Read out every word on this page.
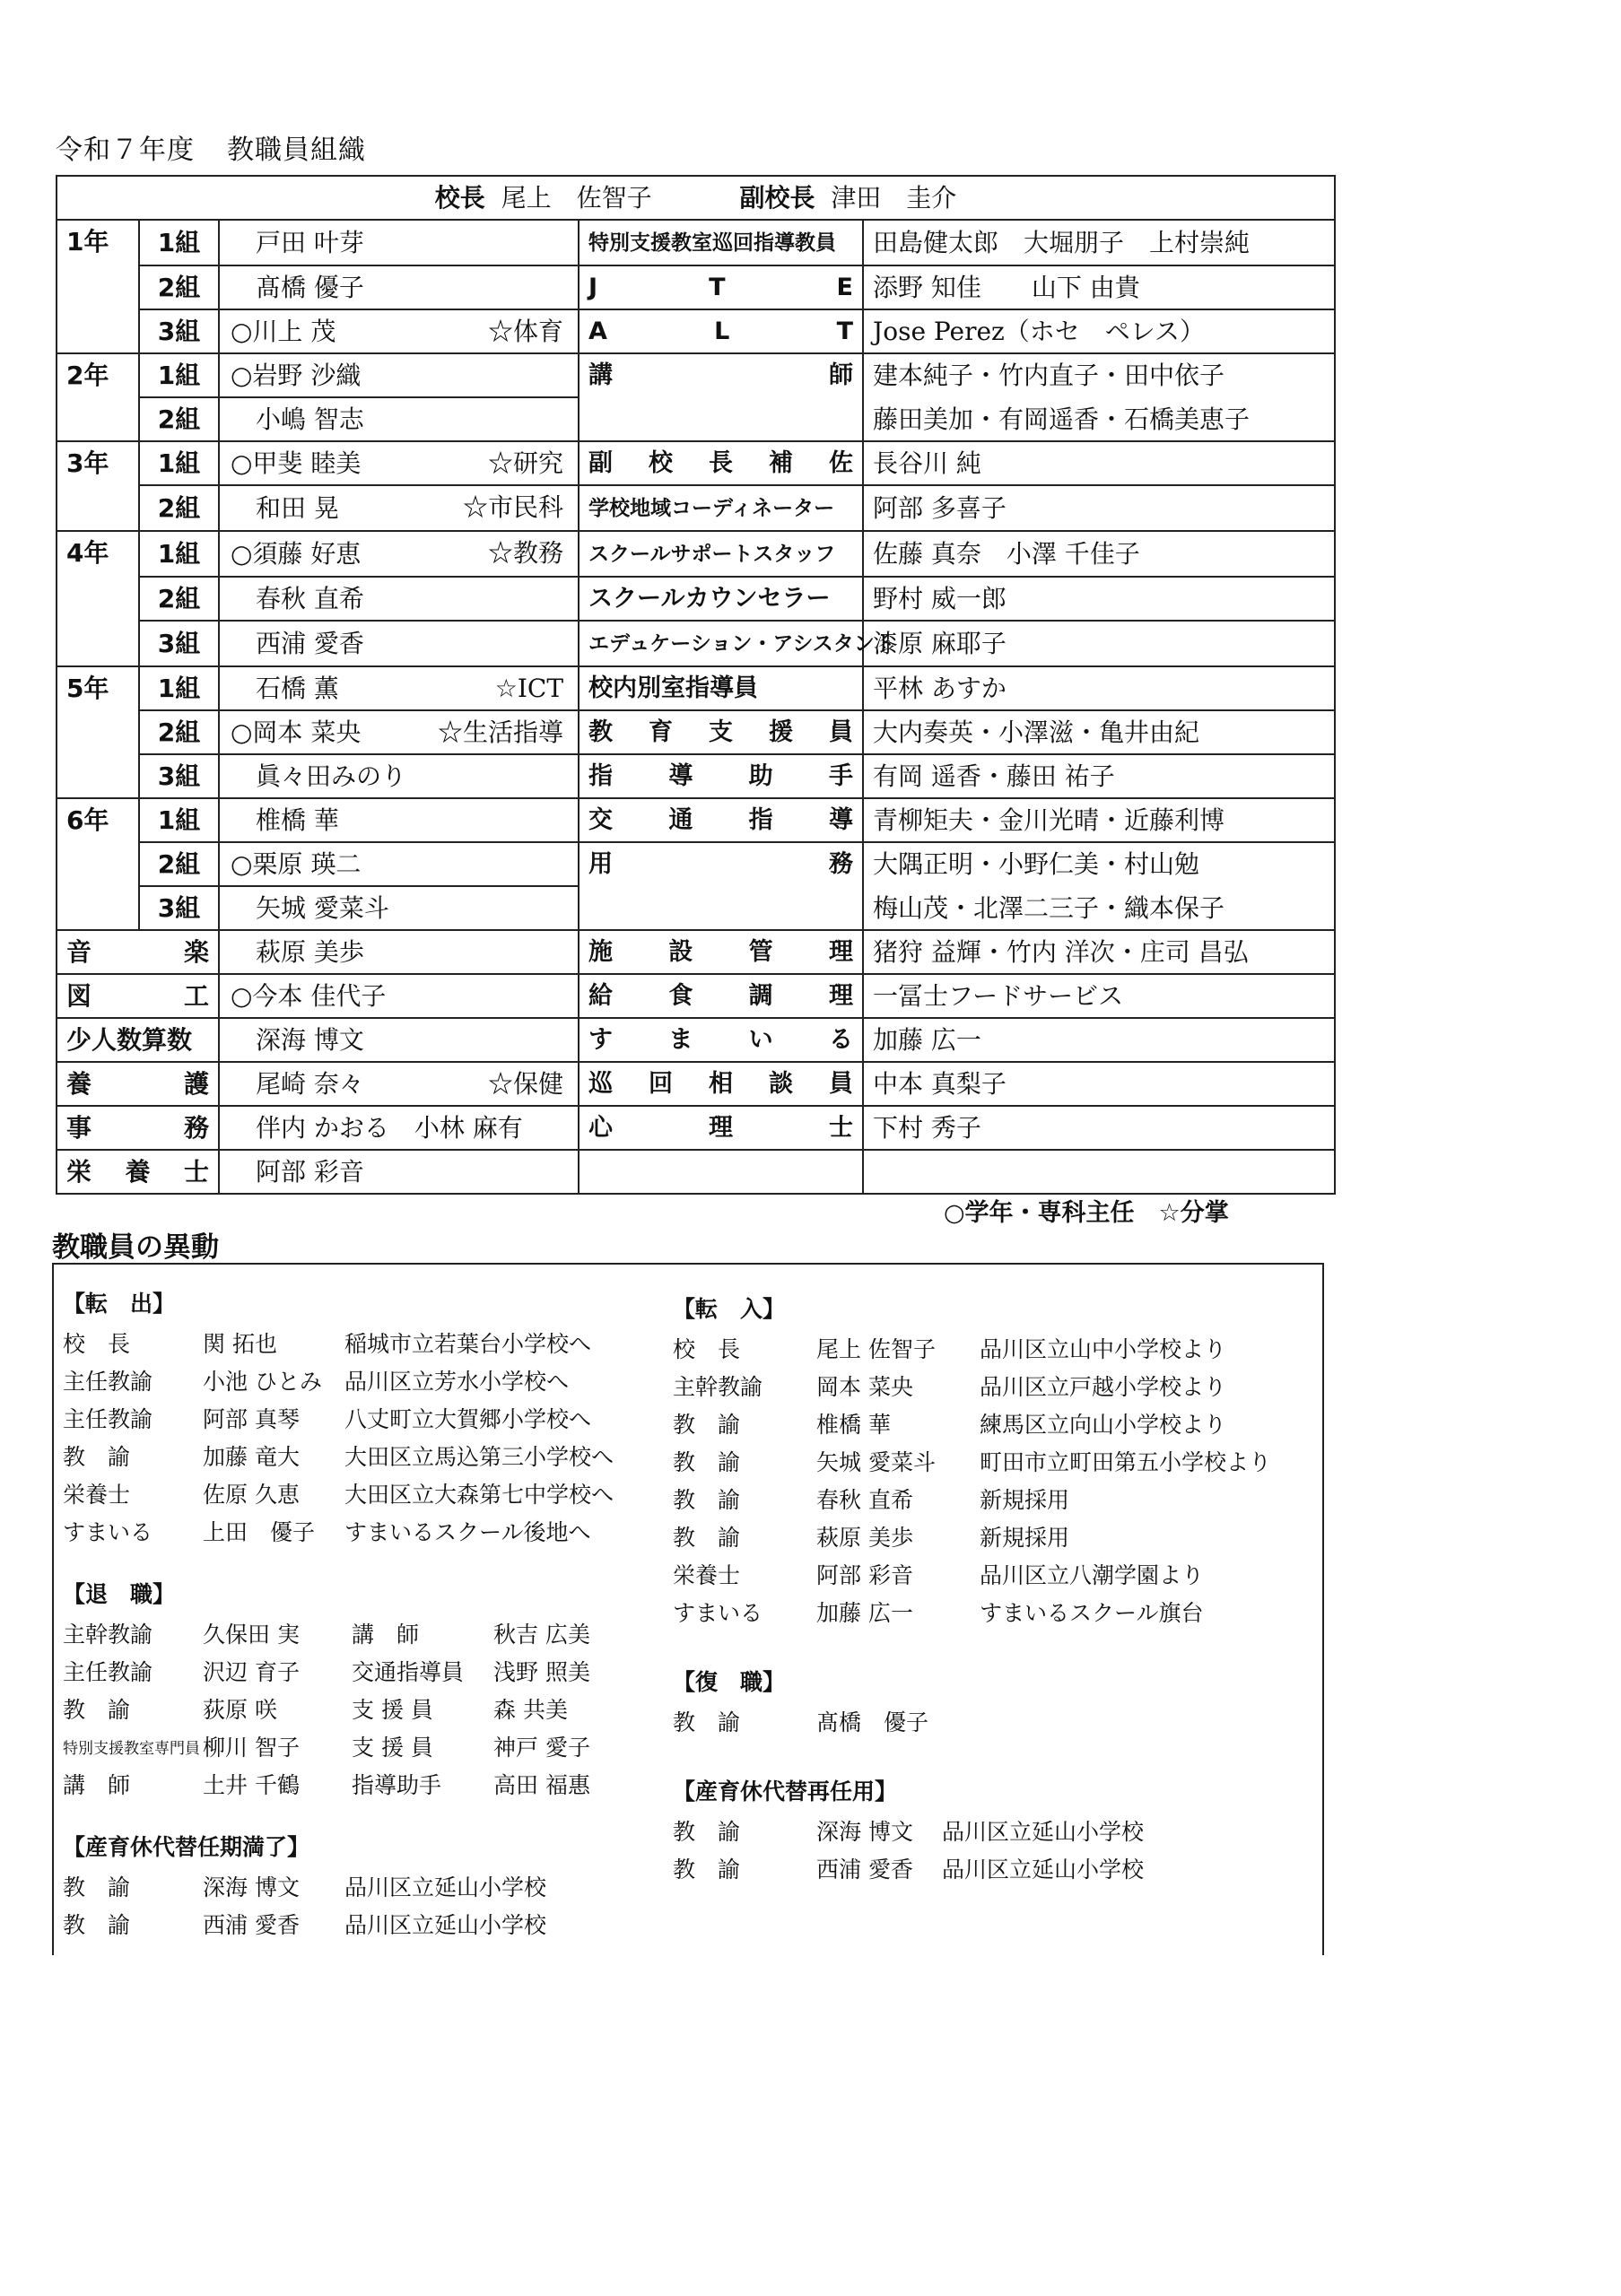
令和７年度 教職員組織
校長 尾上　佐智子 副校長 津田　圭介				
1年	1組	戸田 叶芽	特別支援教室巡回指導教員	田島健太郎　大堀朋子　上村崇純

	2組	髙橋 優子	J T E	添野 知佳　　山下 由貴

	3組	○川上 茂 ☆体育	A L T	Jose Perez（ホセ　ペレス）

2年	1組	○岩野 沙織	講 師	建本純子・竹内直子・田中依子
藤田美加・有岡遥香・石橋美恵子

	2組	小嶋 智志		
3年	1組	○甲斐 睦美 ☆研究	副 校 長 補 佐	長谷川 純

	2組	和田 晃 ☆市民科	学校地域コーディネーター	阿部 多喜子

4年	1組	○須藤 好恵 ☆教務	スクールサポートスタッフ	佐藤 真奈　小澤 千佳子

	2組	春秋 直希	スクールカウンセラー	野村 威一郎

	3組	西浦 愛香	エデュケーション・アシスタント	漆原 麻耶子

5年	1組	石橋 薫 ☆ICT	校内別室指導員	平林 あすか

	2組	○岡本 菜央 ☆生活指導	教 育 支 援 員	大内奏英・小澤滋・亀井由紀

	3組	眞々田みのり	指 導 助 手	有岡 遥香・藤田 祐子

6年	1組	椎橋 華	交 通 指 導	青柳矩夫・金川光晴・近藤利博

	2組	○栗原 瑛二	用 務	大隅正明・小野仁美・村山勉
梅山茂・北澤二三子・織本保子

	3組	矢城 愛菜斗		

音 楽		萩原 美歩	施 設 管 理	猪狩 益輝・竹内 洋次・庄司 昌弘

図 工		○今本 佳代子	給 食 調 理	一冨士フードサービス

少人数算数		深海 博文	す ま い る	加藤 広一

養 護		尾崎 奈々 ☆保健	巡 回 相 談 員	中本 真梨子

事 務		伴内 かおる　小林 麻有	心 理 士	下村 秀子

栄 養 士		阿部 彩音		
○学年・専科主任　☆分掌
教職員の異動
【転　出】
校　長	関 拓也	稲城市立若葉台小学校へ
主任教諭	小池 ひとみ	品川区立芳水小学校へ
主任教諭	阿部 真琴	八丈町立大賀郷小学校へ
教　諭	加藤 竜大	大田区立馬込第三小学校へ
栄養士	佐原 久恵	大田区立大森第七中学校へ
すまいる	上田　優子	すまいるスクール後地へ
【退　職】
主幹教諭	久保田 実	講　師	秋吉 広美
主任教諭	沢辺 育子	交通指導員	浅野 照美
教　諭	荻原 咲	支 援 員	森 共美
特別支援教室専門員 柳川 智子	支 援 員	神戸 愛子
講　師	土井 千鶴	指導助手	高田 福惠
【産育休代替任期満了】
教　諭	深海 博文	品川区立延山小学校
教　諭	西浦 愛香	品川区立延山小学校
【転　入】
校　長	尾上 佐智子	品川区立山中小学校より
主幹教諭	岡本 菜央	品川区立戸越小学校より
教　諭	椎橋 華	練馬区立向山小学校より
教　諭	矢城 愛菜斗	町田市立町田第五小学校より
教　諭	春秋 直希	新規採用
教　諭	萩原 美歩	新規採用
栄養士	阿部 彩音	品川区立八潮学園より
すまいる	加藤 広一	すまいるスクール旗台
【復　職】
教　諭	髙橋　優子
【産育休代替再任用】
教　諭	深海 博文	品川区立延山小学校
教　諭	西浦 愛香	品川区立延山小学校
